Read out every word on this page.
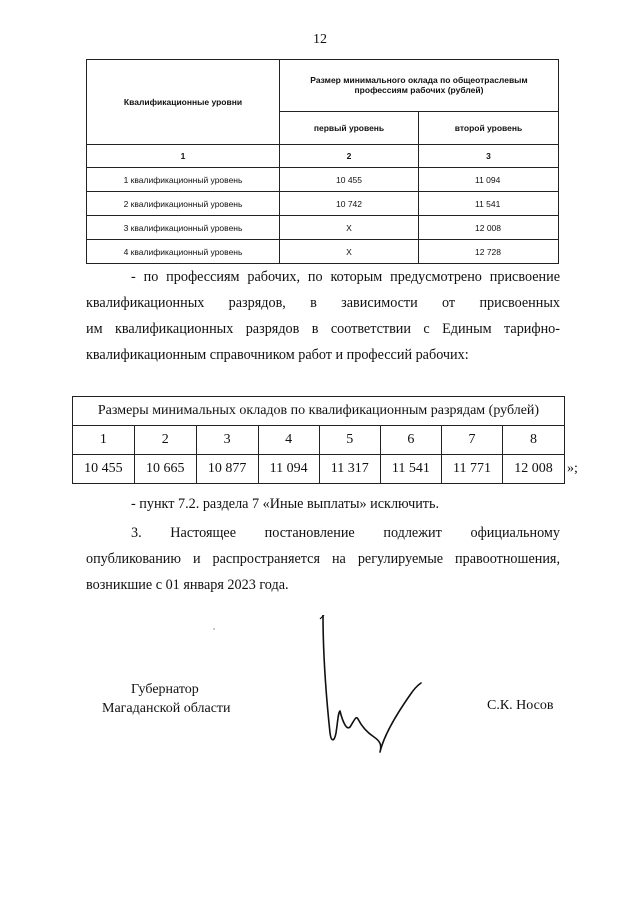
12
Квалификационные уровни	Размер минимального оклада по общеотраслевым профессиям рабочих (рублей)	
	первый уровень	второй уровень
1	2	3
1 квалификационный уровень	10 455	11 094
2 квалификационный уровень	10 742	11 541
3 квалификационный уровень	Х	12 008
4 квалификационный уровень	Х	12 728
- по профессиям рабочих, по которым предусмотрено присвоение
квалификационных разрядов, в зависимости от присвоенных
им квалификационных разрядов в соответствии с Единым тарифно-
квалификационным справочником работ и профессий рабочих:
Размеры минимальных окладов по квалификационным разрядам (рублей)							
1	2	3	4	5	6	7	8
10 455	10 665	10 877	11 094	11 317	11 541	11 771	12 008 »;
- пункт 7.2. раздела 7 «Иные выплаты» исключить.
3. Настоящее постановление подлежит официальному
опубликованию и распространяется на регулируемые правоотношения,
возникшие с 01 января 2023 года.
Губернатор
Магаданской области	С.К. Носов
